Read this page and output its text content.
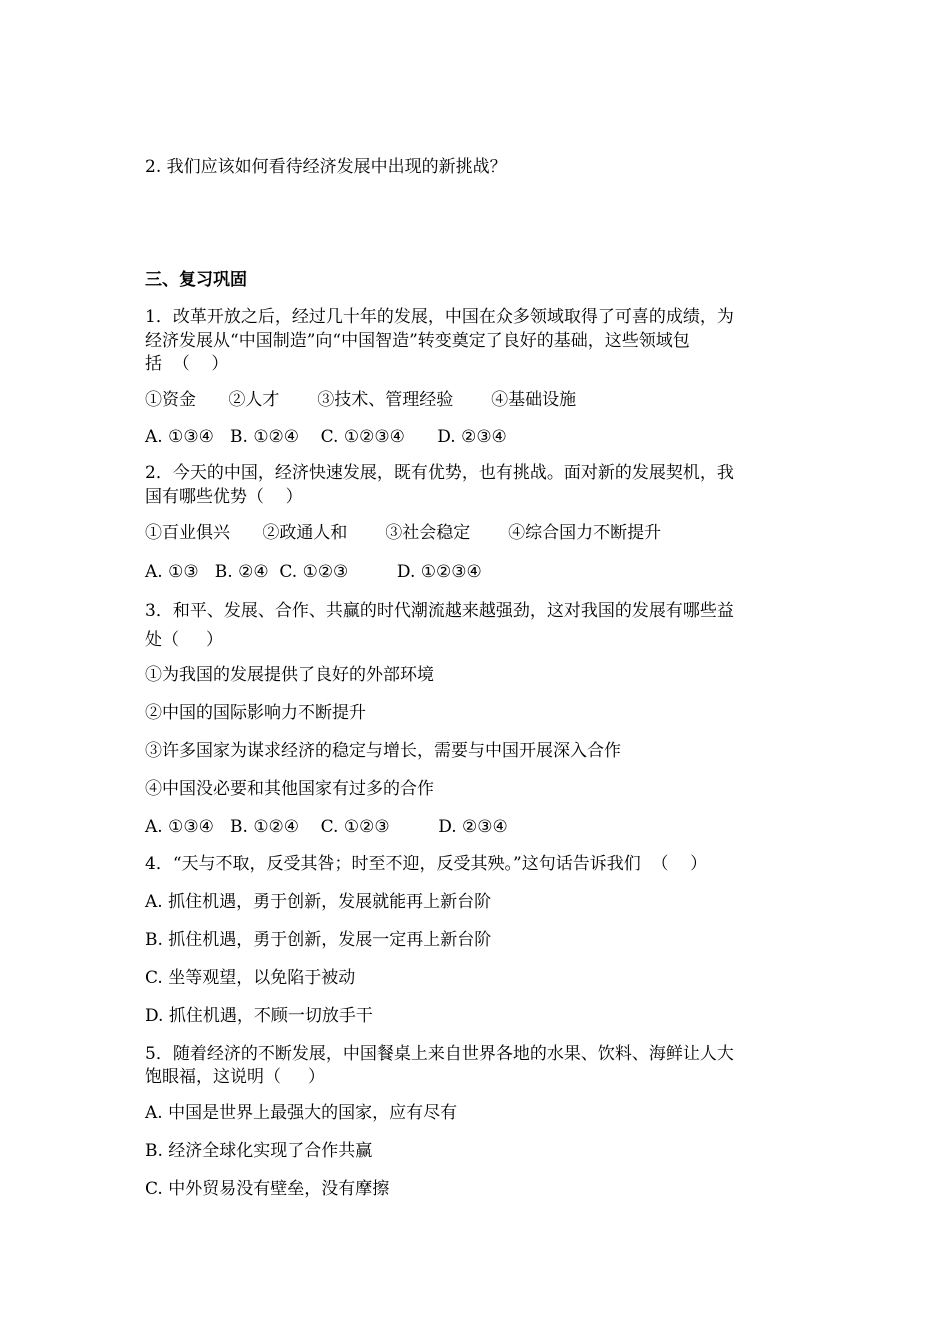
2. 我们应该如何看待经济发展中出现的新挑战？
三、复习巩固
1．改革开放之后，经过几十年的发展，中国在众多领域取得了可喜的成绩，为
经济发展从“中国制造”向“中国智造”转变奠定了良好的基础，这些领域包
括  （    ）
①资金      ②人才       ③技术、管理经验       ④基础设施
A. ①③④   B. ①②④    C. ①②③④      D. ②③④
2．今天的中国，经济快速发展，既有优势，也有挑战。面对新的发展契机，我
国有哪些优势（    ）
①百业俱兴      ②政通人和       ③社会稳定       ④综合国力不断提升
A. ①③   B. ②④  C. ①②③         D. ①②③④
3．和平、发展、合作、共赢的时代潮流越来越强劲，这对我国的发展有哪些益
处（     ）
①为我国的发展提供了良好的外部环境
②中国的国际影响力不断提升
③许多国家为谋求经济的稳定与增长，需要与中国开展深入合作
④中国没必要和其他国家有过多的合作
A. ①③④   B. ①②④    C. ①②③         D. ②③④
4．“天与不取，反受其咎；时至不迎，反受其殃。”这句话告诉我们  （    ）
A. 抓住机遇，勇于创新，发展就能再上新台阶
B. 抓住机遇，勇于创新，发展一定再上新台阶
C. 坐等观望，以免陷于被动
D. 抓住机遇，不顾一切放手干
5．随着经济的不断发展，中国餐桌上来自世界各地的水果、饮料、海鲜让人大
饱眼福，这说明（     ）
A. 中国是世界上最强大的国家，应有尽有
B. 经济全球化实现了合作共赢
C. 中外贸易没有壁垒，没有摩擦
